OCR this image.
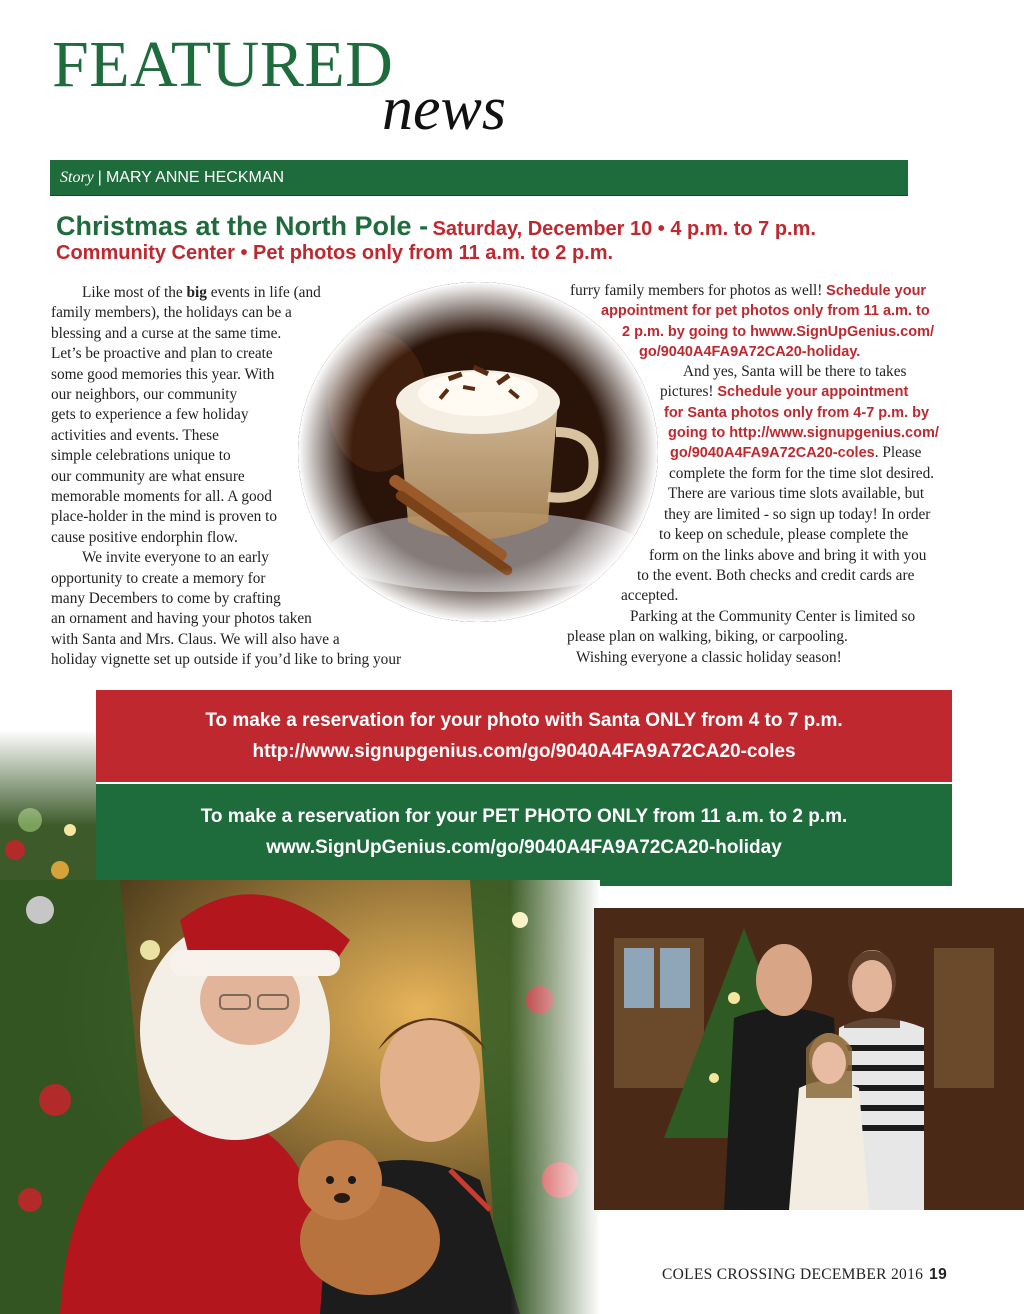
FEATURED
news
Story | MARY ANNE HECKMAN
Christmas at the North Pole - Saturday, December 10 • 4 p.m. to 7 p.m.
Community Center • Pet photos only from 11 a.m. to 2 p.m.
Like most of the big events in life (and
family members), the holidays can be a
blessing and a curse at the same time.
Let’s be proactive and plan to create
some good memories this year. With
our neighbors, our community
gets to experience a few holiday
activities and events. These
simple celebrations unique to
our community are what ensure
memorable moments for all. A good
place-holder in the mind is proven to
cause positive endorphin flow.
We invite everyone to an early
opportunity to create a memory for
many Decembers to come by crafting
an ornament and having your photos taken
with Santa and Mrs. Claus. We will also have a
holiday vignette set up outside if you’d like to bring your
furry family members for photos as well! Schedule your
appointment for pet photos only from 11 a.m. to
2 p.m. by going to hwww.SignUpGenius.com/
go/9040A4FA9A72CA20-holiday.
And yes, Santa will be there to takes
pictures! Schedule your appointment
for Santa photos only from 4-7 p.m. by
going to http://www.signupgenius.com/
go/9040A4FA9A72CA20-coles. Please
complete the form for the time slot desired.
There are various time slots available, but
they are limited - so sign up today! In order
to keep on schedule, please complete the
form on the links above and bring it with you
to the event. Both checks and credit cards are
accepted.
Parking at the Community Center is limited so
please plan on walking, biking, or carpooling.
Wishing everyone a classic holiday season!
To make a reservation for your photo with Santa ONLY from 4 to 7 p.m.
http://www.signupgenius.com/go/9040A4FA9A72CA20-coles
To make a reservation for your PET PHOTO ONLY from 11 a.m. to 2 p.m.
www.SignUpGenius.com/go/9040A4FA9A72CA20-holiday
COLES CROSSING DECEMBER 2016 19
